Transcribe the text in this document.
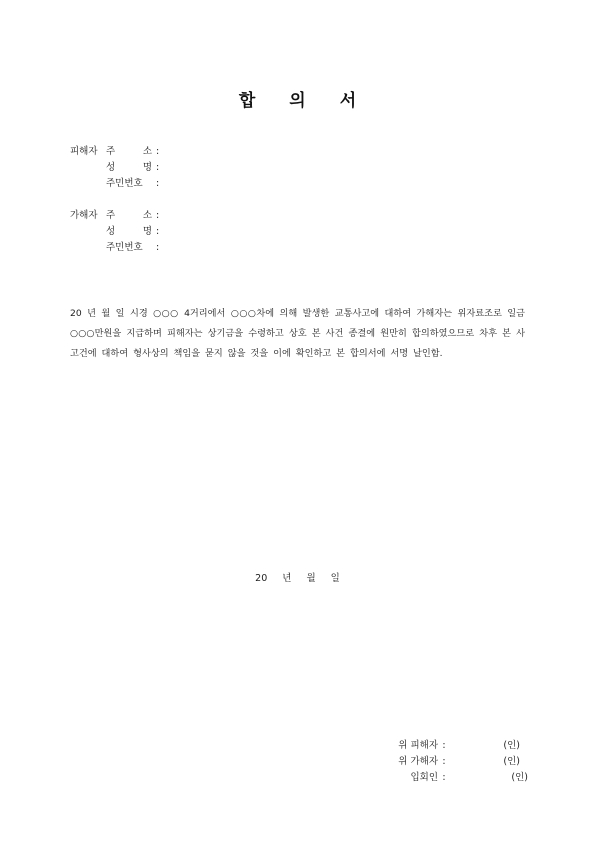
합 의 서
피해자 주　소 :
성　명 :
주민번호	:
가해자 주　소 :
성　명 :
주민번호	:

20 년 월 일 시경 ○○○ 4거리에서 ○○○차에 의해 발생한 교통사고에 대하여 가해자는 위자료조로 일금 ○○○만원을 지급하며 피해자는 상기금을 수령하고 상호 본 사건 종결에 원만히 합의하였으므로 차후 본 사고건에 대하여 형사상의 책임을 묻지 않을 것을 이에 확인하고 본 합의서에 서명 날인함.

20 년 월 일
위 피해자 :	(인)
위 가해자 :	(인)
입회인 :	(인)
